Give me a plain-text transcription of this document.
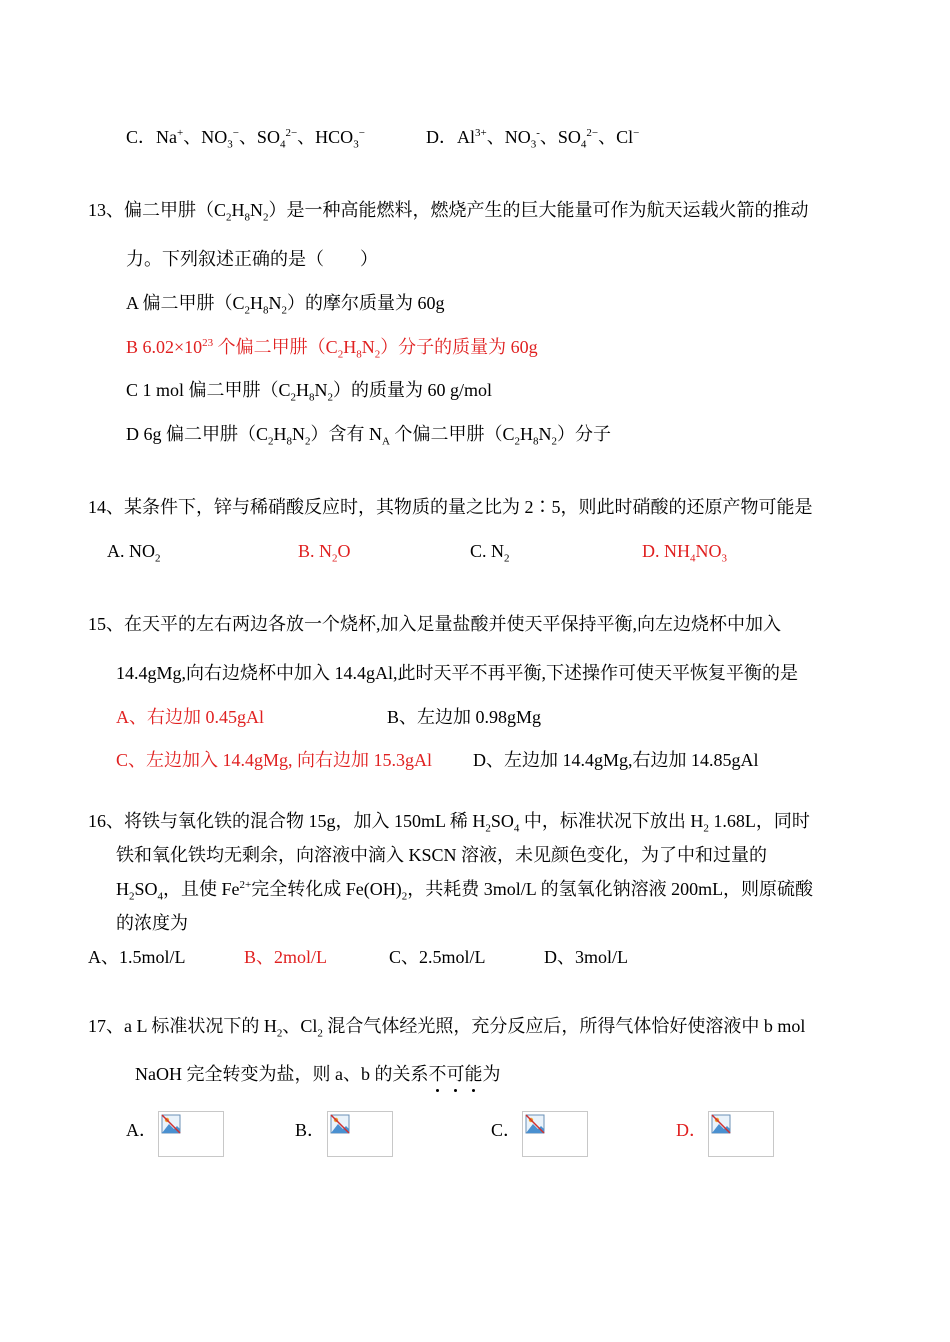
C．Na+、$NO_3^-$、$SO_4^{2-}$、$HCO_3^-$	D．$Al^{3+}$、$NO_3^-$、$SO_4^{2-}$、Cl−
13、偏二甲肼$(C_2H_8N_2)$是一种高能燃料，燃烧产生的巨大能量可作为航天运载火箭的推动
力。下列叙述正确的是（　　）
A 偏二甲肼$(C_2H_8N_2)$的摩尔质量为 60g
B $6.02\times 10^{23}$ 个偏二甲肼$(C_2H_8N_2)$分子的质量为 60g
C 1 mol 偏二甲肼$(C_2H_8N_2)$的质量为 60 g/mol
D 6g 偏二甲肼$(C_2H_8N_2)$含有 $N_A$ 个偏二甲肼$(C_2H_8N_2)$分子
14、某条件下，锌与稀硝酸反应时，其物质的量之比为 2∶5，则此时硝酸的还原产物可能是
A. $NO_2$	B. $N_2O$	C. $N_2$	D. $NH_4NO_3$
15、在天平的左右两边各放一个烧杯,加入足量盐酸并使天平保持平衡,向左边烧杯中加入
14.4gMg,向右边烧杯中加入 14.4gAl,此时天平不再平衡,下述操作可使天平恢复平衡的是
A、右边加 0.45gAl	B、左边加 0.98gMg
C、左边加入 14.4gMg, 向右边加 15.3gAl D、左边加 14.4gMg,右边加 14.85gAl
16、将铁与氧化铁的混合物 15g，加入 150mL 稀 $H_2SO_4$ 中，标准状况下放出 $H_2$ 1.68L，同时
铁和氧化铁均无剩余，向溶液中滴入 KSCN 溶液，未见颜色变化，为了中和过量的
$H_2SO_4$，且使 $Fe^{2+}$完全转化成 $Fe(OH)_2$，共耗费 3mol/L 的氢氧化钠溶液 200mL，则原硫酸
的浓度为
A、1.5mol/L	B、2mol/L	C、2.5mol/L	D、3mol/L
17、a L 标准状况下的 $H_2$、$Cl_2$ 混合气体经光照，充分反应后，所得气体恰好使溶液中 b mol
NaOH 完全转变为盐，则 a、b 的关系不可能为
A．	B．	C．	D．
